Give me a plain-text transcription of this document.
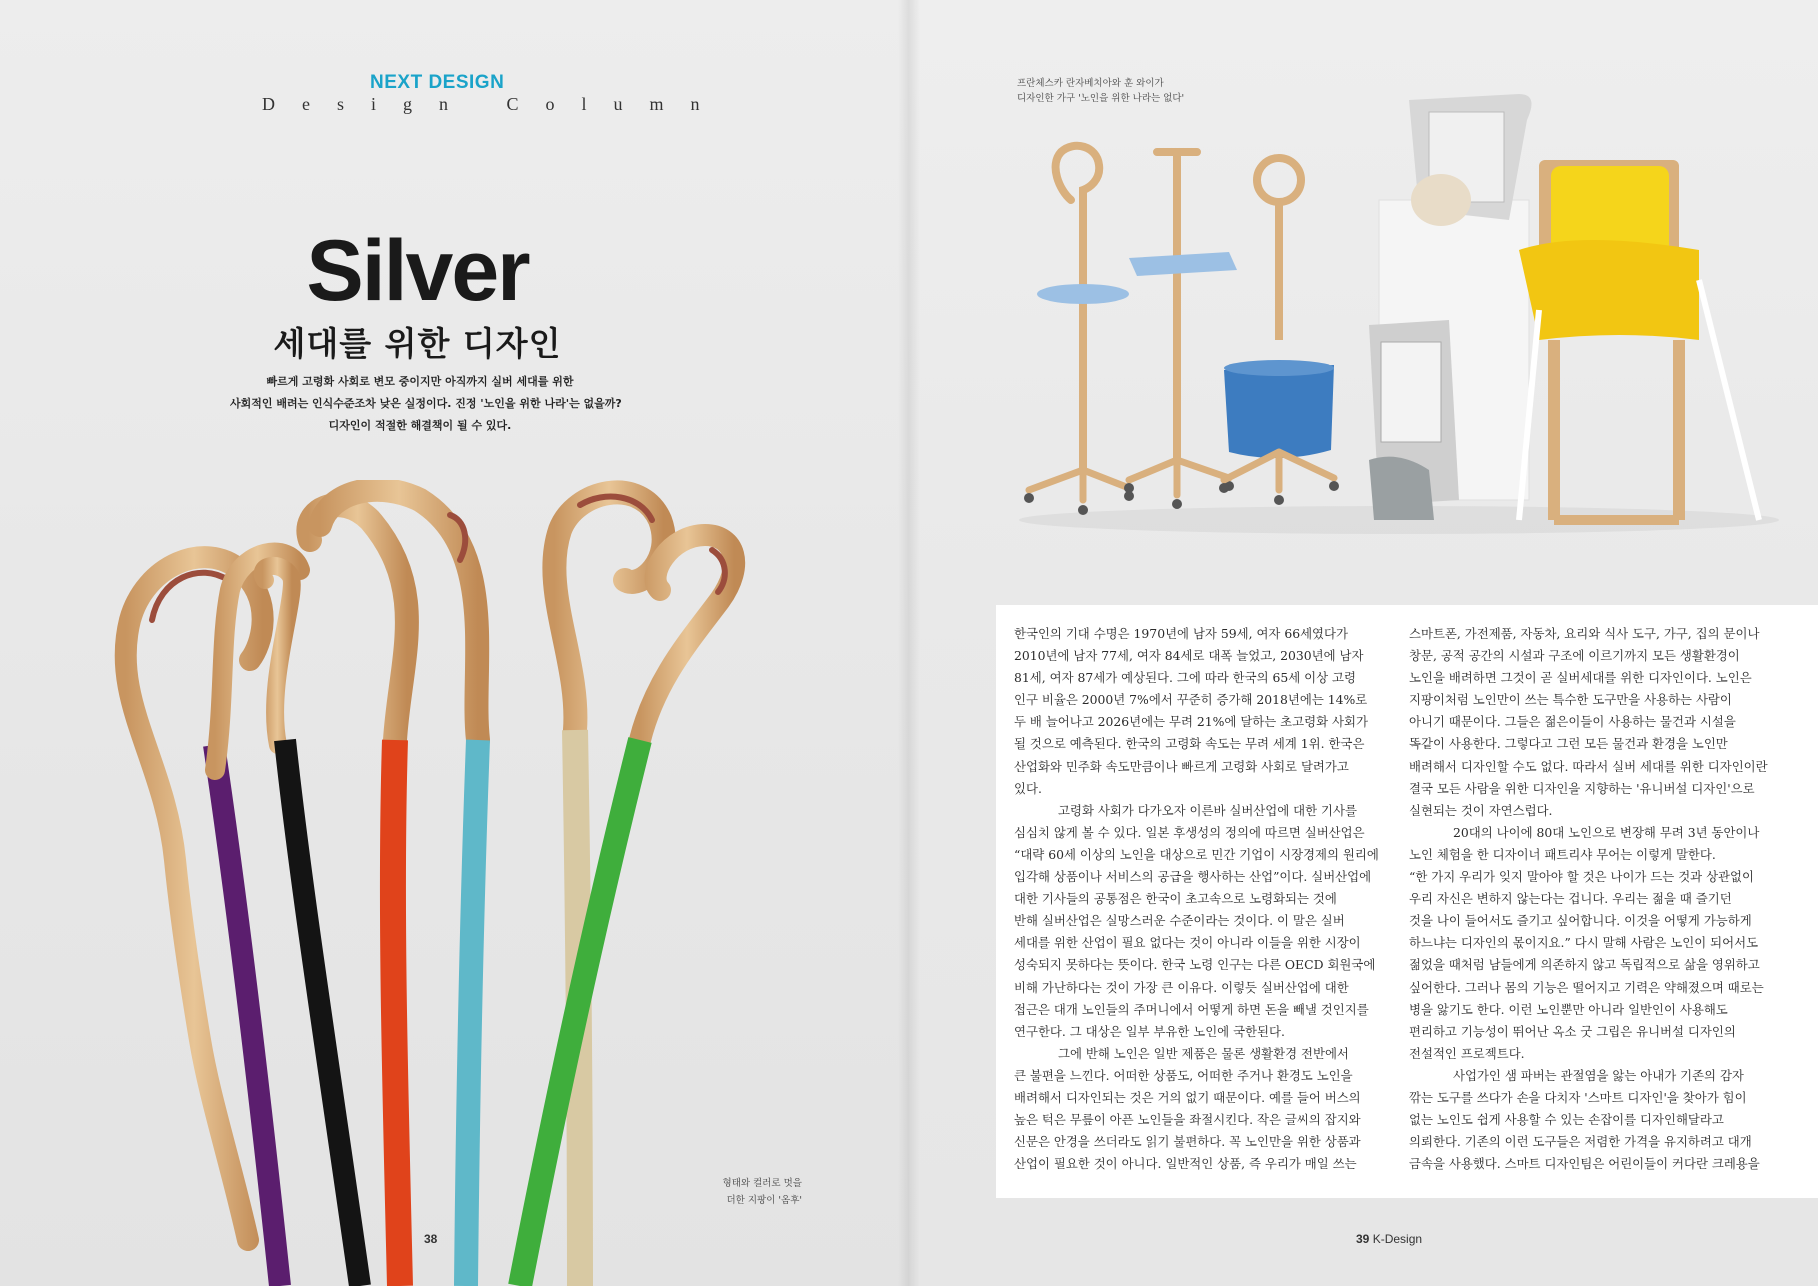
NEXT DESIGN
Design Column
Silver
세대를 위한 디자인
빠르게 고령화 사회로 변모 중이지만 아직까지 실버 세대를 위한
사회적인 배려는 인식수준조차 낮은 실정이다. 진정 '노인을 위한 나라'는 없을까?
디자인이 적절한 해결책이 될 수 있다.
형태와 컬러로 멋을
더한 지팡이 '옴후'
38
프란체스카 란자베치아와 훈 와이가
디자인한 가구 '노인을 위한 나라는 없다'
한국인의 기대 수명은 1970년에 남자 59세, 여자 66세였다가
2010년에 남자 77세, 여자 84세로 대폭 늘었고, 2030년에 남자
81세, 여자 87세가 예상된다. 그에 따라 한국의 65세 이상 고령
인구 비율은 2000년 7%에서 꾸준히 증가해 2018년에는 14%로
두 배 늘어나고 2026년에는 무려 21%에 달하는 초고령화 사회가
될 것으로 예측된다. 한국의 고령화 속도는 무려 세계 1위. 한국은
산업화와 민주화 속도만큼이나 빠르게 고령화 사회로 달려가고
있다.
고령화 사회가 다가오자 이른바 실버산업에 대한 기사를
심심치 않게 볼 수 있다. 일본 후생성의 정의에 따르면 실버산업은
“대략 60세 이상의 노인을 대상으로 민간 기업이 시장경제의 원리에
입각해 상품이나 서비스의 공급을 행사하는 산업”이다. 실버산업에
대한 기사들의 공통점은 한국이 초고속으로 노령화되는 것에
반해 실버산업은 실망스러운 수준이라는 것이다. 이 말은 실버
세대를 위한 산업이 필요 없다는 것이 아니라 이들을 위한 시장이
성숙되지 못하다는 뜻이다. 한국 노령 인구는 다른 OECD 회원국에
비해 가난하다는 것이 가장 큰 이유다. 이렇듯 실버산업에 대한
접근은 대개 노인들의 주머니에서 어떻게 하면 돈을 빼낼 것인지를
연구한다. 그 대상은 일부 부유한 노인에 국한된다.
그에 반해 노인은 일반 제품은 물론 생활환경 전반에서
큰 불편을 느낀다. 어떠한 상품도, 어떠한 주거나 환경도 노인을
배려해서 디자인되는 것은 거의 없기 때문이다. 예를 들어 버스의
높은 턱은 무릎이 아픈 노인들을 좌절시킨다. 작은 글씨의 잡지와
신문은 안경을 쓰더라도 읽기 불편하다. 꼭 노인만을 위한 상품과
산업이 필요한 것이 아니다. 일반적인 상품, 즉 우리가 매일 쓰는
스마트폰, 가전제품, 자동차, 요리와 식사 도구, 가구, 집의 문이나
창문, 공적 공간의 시설과 구조에 이르기까지 모든 생활환경이
노인을 배려하면 그것이 곧 실버세대를 위한 디자인이다. 노인은
지팡이처럼 노인만이 쓰는 특수한 도구만을 사용하는 사람이
아니기 때문이다. 그들은 젊은이들이 사용하는 물건과 시설을
똑같이 사용한다. 그렇다고 그런 모든 물건과 환경을 노인만
배려해서 디자인할 수도 없다. 따라서 실버 세대를 위한 디자인이란
결국 모든 사람을 위한 디자인을 지향하는 '유니버설 디자인'으로
실현되는 것이 자연스럽다.
20대의 나이에 80대 노인으로 변장해 무려 3년 동안이나
노인 체험을 한 디자이너 패트리샤 무어는 이렇게 말한다.
“한 가지 우리가 잊지 말아야 할 것은 나이가 드는 것과 상관없이
우리 자신은 변하지 않는다는 겁니다. 우리는 젊을 때 즐기던
것을 나이 들어서도 즐기고 싶어합니다. 이것을 어떻게 가능하게
하느냐는 디자인의 몫이지요.” 다시 말해 사람은 노인이 되어서도
젊었을 때처럼 남들에게 의존하지 않고 독립적으로 삶을 영위하고
싶어한다. 그러나 몸의 기능은 떨어지고 기력은 약해졌으며 때로는
병을 앓기도 한다. 이런 노인뿐만 아니라 일반인이 사용해도
편리하고 기능성이 뛰어난 옥소 굿 그립은 유니버설 디자인의
전설적인 프로젝트다.
사업가인 샘 파버는 관절염을 앓는 아내가 기존의 감자
깎는 도구를 쓰다가 손을 다치자 '스마트 디자인'을 찾아가 힘이
없는 노인도 쉽게 사용할 수 있는 손잡이를 디자인해달라고
의뢰한다. 기존의 이런 도구들은 저렴한 가격을 유지하려고 대개
금속을 사용했다. 스마트 디자인팀은 어린이들이 커다란 크레용을
39 K-Design
